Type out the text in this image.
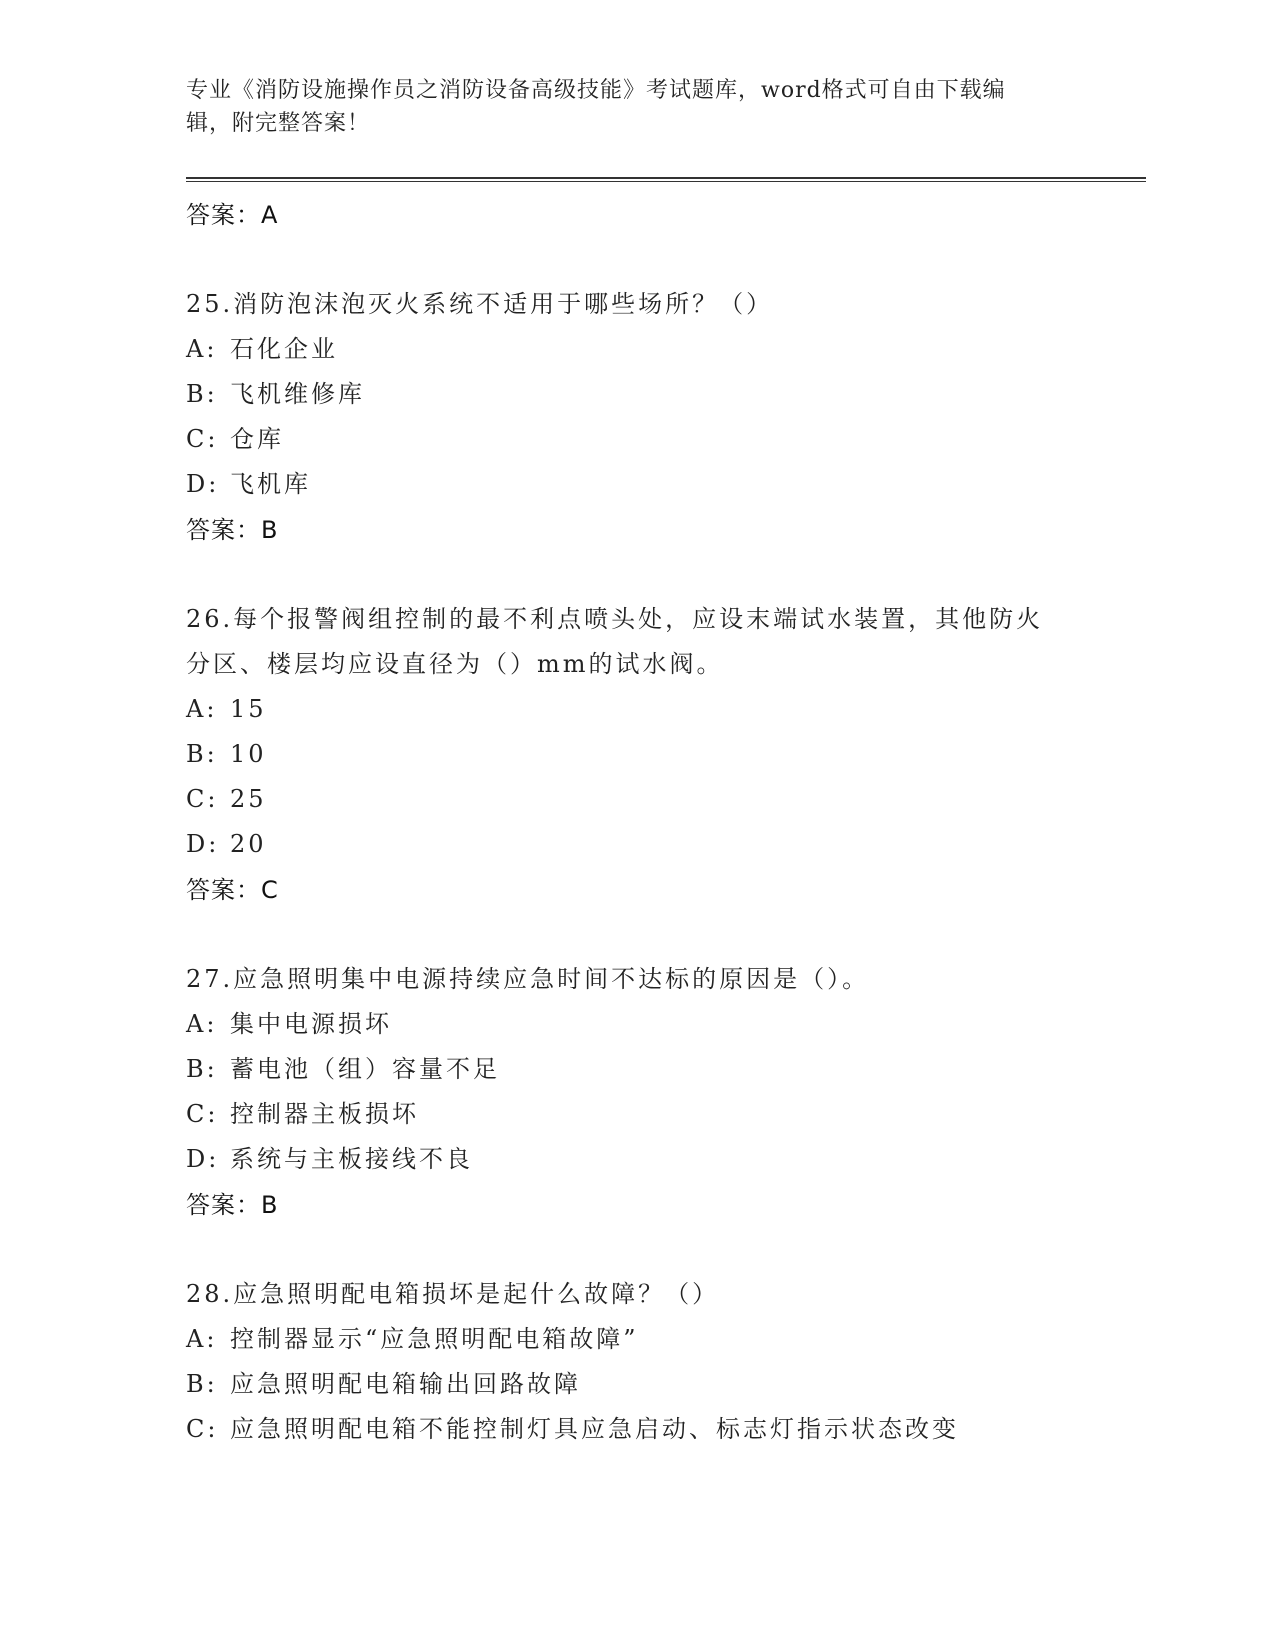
专业《消防设施操作员之消防设备高级技能》考试题库，word格式可自由下载编
辑，附完整答案！
答案：A
25.消防泡沫泡灭火系统不适用于哪些场所？（）
A: 石化企业
B: 飞机维修库
C: 仓库
D: 飞机库
答案：B
26.每个报警阀组控制的最不利点喷头处，应设末端试水装置，其他防火分区、楼层均应设直径为（）mm的试水阀。
A: 15
B: 10
C: 25
D: 20
答案：C
27.应急照明集中电源持续应急时间不达标的原因是（）。
A: 集中电源损坏
B: 蓄电池（组）容量不足
C: 控制器主板损坏
D: 系统与主板接线不良
答案：B
28.应急照明配电箱损坏是起什么故障？（）
A: 控制器显示“应急照明配电箱故障”
B: 应急照明配电箱输出回路故障
C: 应急照明配电箱不能控制灯具应急启动、标志灯指示状态改变
